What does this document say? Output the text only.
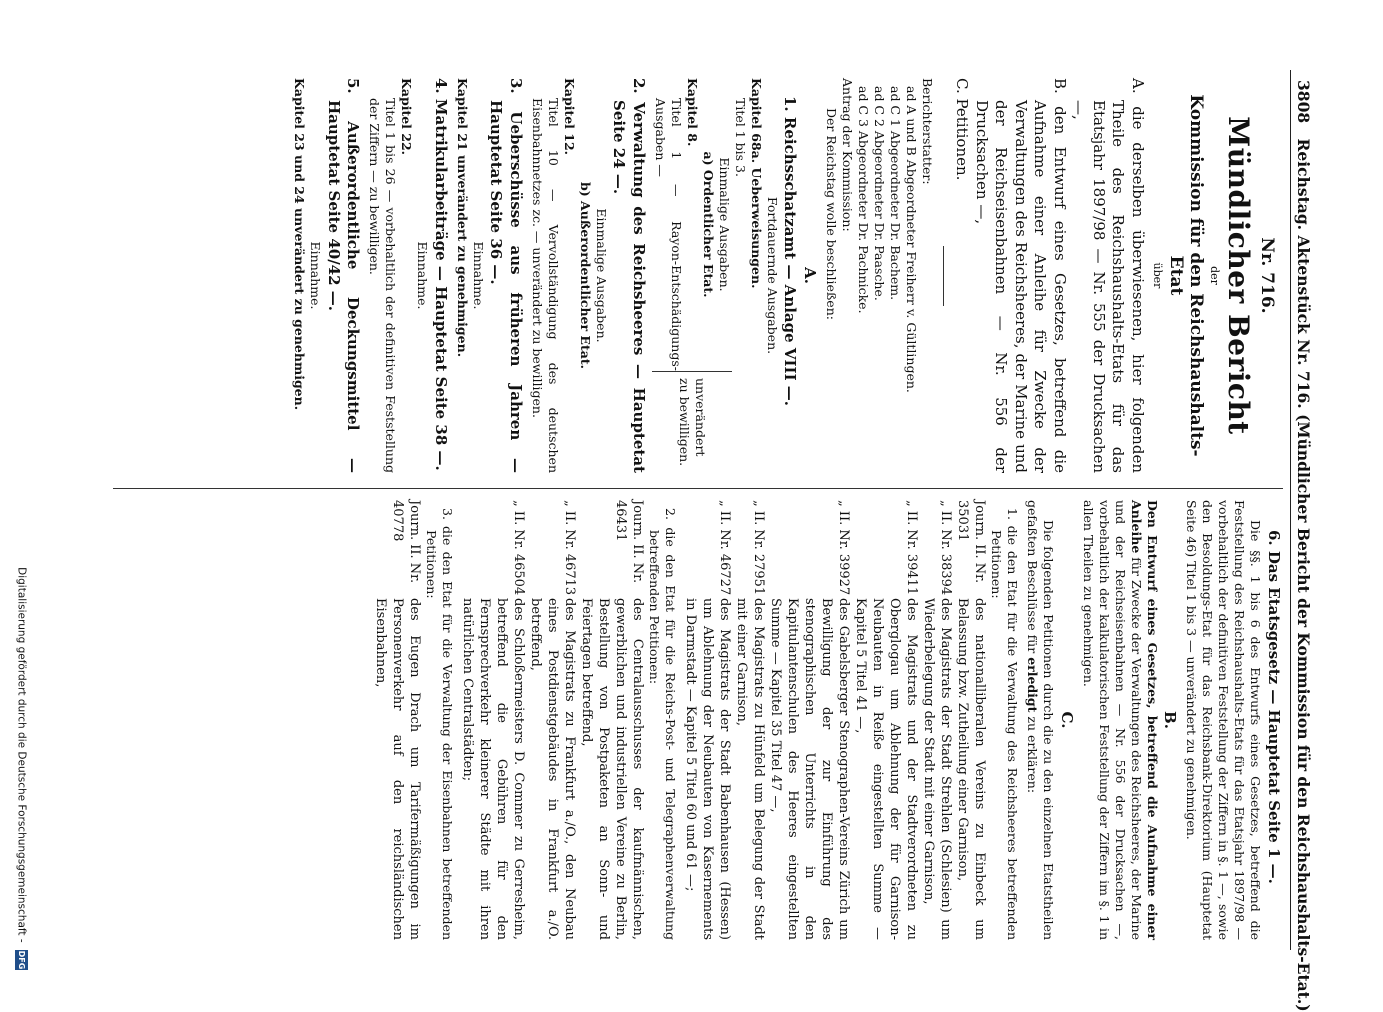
3808 Reichstag. Aktenstück Nr. 716. (Mündlicher Bericht der Kommission für den Reichshaushalts-Etat.)
Nr. 716.
Mündlicher Bericht
der
Kommission für den Reichshaushalts-Etat
über

A. die derselben überwiesenen, hier folgenden Theile des Reichshaushalts-Etats für das Etatsjahr 1897/98 — Nr. 555 der Drucksachen —,

B. den Entwurf eines Gesetzes, betreffend die Aufnahme einer Anleihe für Zwecke der Verwaltungen des Reichsheeres, der Marine und der Reichseisenbahnen — Nr. 556 der Drucksachen —,

C. Petitionen.

Berichterstatter:

ad A und B Abgeordneter Freiherr v. Gültlingen.

ad C 1 Abgeordneter Dr. Bachem.

ad C 2 Abgeordneter Dr. Paasche.

ad C 3 Abgeordneter Dr. Pachnicke.

Antrag der Kommission:

Der Reichstag wolle beschließen:

A.

1. Reichsschatzamt — Anlage VIII —.

Fortdauernde Ausgaben.

Kapitel 68a. Ueberweisungen.

Titel 1 bis 3.

Einmalige Ausgaben.

a) Ordentlicher Etat.

Kapitel 8.

Titel 1 — Rayon-Entschädigungs-Ausgaben —

unverändert zu bewilligen.

2. Verwaltung des Reichsheeres — Hauptetat Seite 24 —.

Einmalige Ausgaben.

b) Außerordentlicher Etat.

Kapitel 12.

Titel 10 — Vervollständigung des deutschen Eisenbahnnetzes zc. — unverändert zu bewilligen.

3. Ueberschüsse aus früheren Jahren — Hauptetat Seite 36 —.

Einnahme.

Kapitel 21 unverändert zu genehmigen.

4. Matrikularbeiträge — Hauptetat Seite 38 —.

Einnahme.

Kapitel 22.

Titel 1 bis 26 — vorbehaltlich der definitiven Feststellung der Ziffern — zu bewilligen.

5. Außerordentliche Deckungsmittel — Hauptetat Seite 40/42 —.

Einnahme.

Kapitel 23 und 24 unverändert zu genehmigen.

6. Das Etatsgesetz — Hauptetat Seite 1 —.

Die §§. 1 bis 6 des Entwurfs eines Gesetzes, betreffend die Feststellung des Reichshaushalts-Etats für das Etatsjahr 1897/98 — vorbehaltlich der definitiven Feststellung der Ziffern in §. 1 —, sowie den Besoldungs-Etat für das Reichsbank-Direktorium (Hauptetat Seite 46) Titel 1 bis 3 — unverändert zu genehmigen.

B.

Den Entwurf eines Gesetzes, betreffend die Aufnahme einer Anleihe für Zwecke der Verwaltungen des Reichsheeres, der Marine und der Reichseisenbahnen — Nr. 556 der Drucksachen —, vorbehaltlich der kalkulatorischen Feststellung der Ziffern im §. 1 in allen Theilen zu genehmigen.

C.

Die folgenden Petitionen durch die zu den einzelnen Etatstheilen gefaßten Beschlüsse für erledigt zu erklären:

1. die den Etat für die Verwaltung des Reichsheeres betreffenden Petitionen:

Journ. II. Nr. 35031
des nationalliberalen Vereins zu Einbeck um Belassung bzw. Zutheilung einer Garnison,
„ II. Nr. 38394
des Magistrats der Stadt Strehlen (Schlesien) um Wiederbelegung der Stadt mit einer Garnison,
„ II. Nr. 39411
des Magistrats und der Stadtverordneten zu Oberglogau um Ablehnung der für Garnison-Neubauten in Reiße eingestellten Summe — Kapitel 5 Titel 41 —,
„ II. Nr. 39927
des Gabelsberger Stenographen-Vereins Zürich um Bewilligung der zur Einführung des stenographischen Unterrichts in den Kapitulantenschulen des Heeres eingestellten Summe — Kapitel 35 Titel 47 —,
„ II. Nr. 27951
des Magistrats zu Hünfeld um Belegung der Stadt mit einer Garnison,
„ II. Nr. 46727
des Magistrats der Stadt Babenhausen (Hessen) um Ablehnung der Neubauten von Kasernements in Darmstadt — Kapitel 5 Titel 60 und 61 —;

2. die den Etat für die Reichs-Post- und Telegraphenverwaltung betreffenden Petitionen:

Journ. II. Nr. 46431
des Centralausschusses der kaufmännischen, gewerblichen und industriellen Vereine zu Berlin, Bestellung von Postpaketen an Sonn- und Feiertagen betreffend,
„ II. Nr. 46713
des Magistrats zu Frankfurt a./O., den Neubau eines Postdienstgebäudes in Frankfurt a./O. betreffend,
„ II. Nr. 46504
des Schloßermeisters D. Commer zu Gerresheim, betreffend die Gebühren für den Fernsprechverkehr kleinerer Städte mit ihren natürlichen Centralstädten;

3. die den Etat für die Verwaltung der Eisenbahnen betreffenden Petitionen:

Journ. II. Nr. 40778
des Eugen Drach um Tarifermäßigungen im Personenverkehr auf den reichsländischen Eisenbahnen,
Digitalisierung gefördert durch die Deutsche Forschungsgemeinschaft - DFG
